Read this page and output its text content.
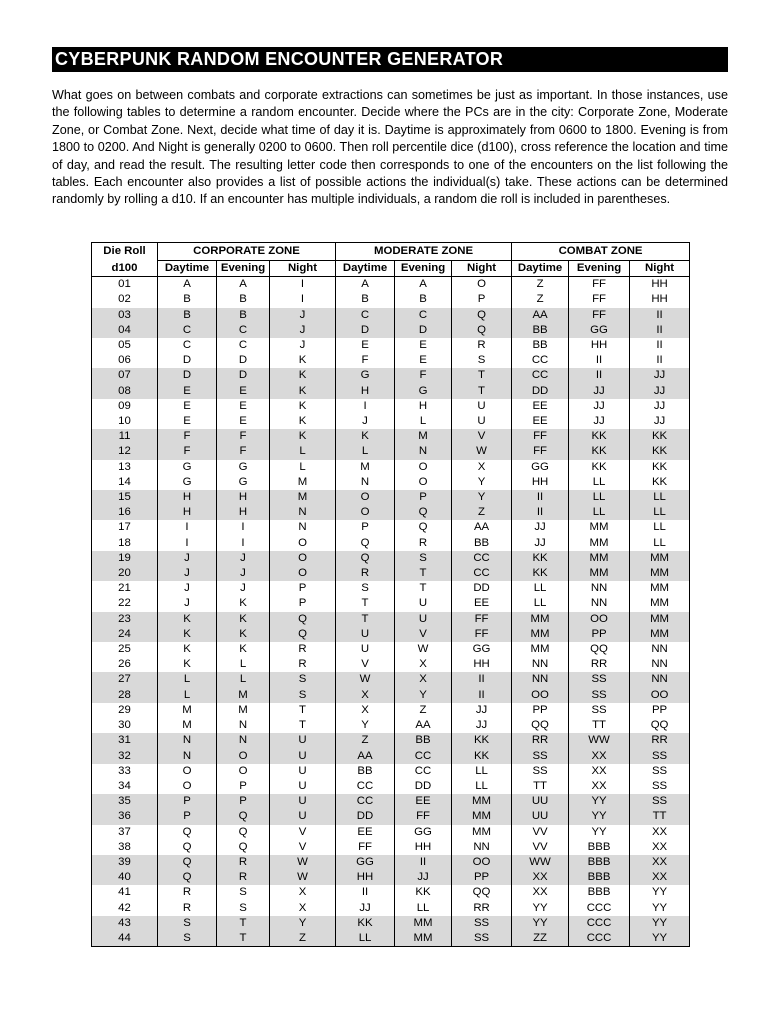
CYBERPUNK RANDOM ENCOUNTER GENERATOR

What goes on between combats and corporate extractions can sometimes be just as important. In those instances, use the following tables to determine a random encounter. Decide where the PCs are in the city: Corporate Zone, Moderate Zone, or Combat Zone. Next, decide what time of day it is. Daytime is approximately from 0600 to 1800. Evening is from 1800 to 0200. And Night is generally 0200 to 0600. Then roll percentile dice (d100), cross reference the location and time of day, and read the result. The resulting letter code then corresponds to one of the encounters on the list following the tables. Each encounter also provides a list of possible actions the individual(s) take. These actions can be determined randomly by rolling a d10. If an encounter has multiple individuals, a random die roll is included in parentheses.

Die Roll	CORPORATE ZONE			MODERATE ZONE			COMBAT ZONE		
d100	Daytime	Evening	Night	Daytime	Evening	Night	Daytime	Evening	Night
01	A	A	I	A	A	O	Z	FF	HH
02	B	B	I	B	B	P	Z	FF	HH
03	B	B	J	C	C	Q	AA	FF	II
04	C	C	J	D	D	Q	BB	GG	II
05	C	C	J	E	E	R	BB	HH	II
06	D	D	K	F	E	S	CC	II	II
07	D	D	K	G	F	T	CC	II	JJ
08	E	E	K	H	G	T	DD	JJ	JJ
09	E	E	K	I	H	U	EE	JJ	JJ
10	E	E	K	J	L	U	EE	JJ	JJ
11	F	F	K	K	M	V	FF	KK	KK
12	F	F	L	L	N	W	FF	KK	KK
13	G	G	L	M	O	X	GG	KK	KK
14	G	G	M	N	O	Y	HH	LL	KK
15	H	H	M	O	P	Y	II	LL	LL
16	H	H	N	O	Q	Z	II	LL	LL
17	I	I	N	P	Q	AA	JJ	MM	LL
18	I	I	O	Q	R	BB	JJ	MM	LL
19	J	J	O	Q	S	CC	KK	MM	MM
20	J	J	O	R	T	CC	KK	MM	MM
21	J	J	P	S	T	DD	LL	NN	MM
22	J	K	P	T	U	EE	LL	NN	MM
23	K	K	Q	T	U	FF	MM	OO	MM
24	K	K	Q	U	V	FF	MM	PP	MM
25	K	K	R	U	W	GG	MM	QQ	NN
26	K	L	R	V	X	HH	NN	RR	NN
27	L	L	S	W	X	II	NN	SS	NN
28	L	M	S	X	Y	II	OO	SS	OO
29	M	M	T	X	Z	JJ	PP	SS	PP
30	M	N	T	Y	AA	JJ	QQ	TT	QQ
31	N	N	U	Z	BB	KK	RR	WW	RR
32	N	O	U	AA	CC	KK	SS	XX	SS
33	O	O	U	BB	CC	LL	SS	XX	SS
34	O	P	U	CC	DD	LL	TT	XX	SS
35	P	P	U	CC	EE	MM	UU	YY	SS
36	P	Q	U	DD	FF	MM	UU	YY	TT
37	Q	Q	V	EE	GG	MM	VV	YY	XX
38	Q	Q	V	FF	HH	NN	VV	BBB	XX
39	Q	R	W	GG	II	OO	WW	BBB	XX
40	Q	R	W	HH	JJ	PP	XX	BBB	XX
41	R	S	X	II	KK	QQ	XX	BBB	YY
42	R	S	X	JJ	LL	RR	YY	CCC	YY
43	S	T	Y	KK	MM	SS	YY	CCC	YY
44	S	T	Z	LL	MM	SS	ZZ	CCC	YY
